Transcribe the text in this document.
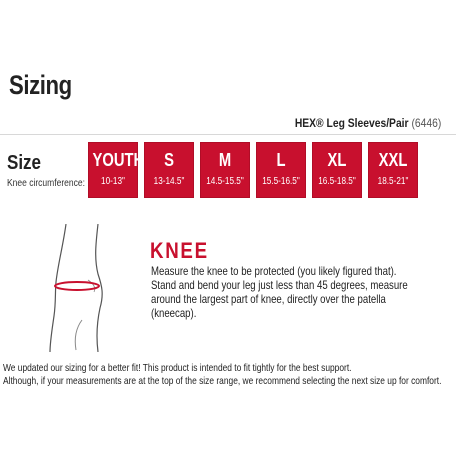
Sizing
HEX® Leg Sleeves/Pair (6446)
Size
Knee circumference:
YOUTH
10-13"
S
13-14.5"
M
14.5-15.5"
L
15.5-16.5"
XL
16.5-18.5"
XXL
18.5-21"
KNEE
Measure the knee to be protected (you likely figured that). Stand and bend your leg just less than 45 degrees, measure around the largest part of knee, directly over the patella (kneecap).
We updated our sizing for a better fit! This product is intended to fit tightly for the best support.
Although, if your measurements are at the top of the size range, we recommend selecting the next size up for comfort.
